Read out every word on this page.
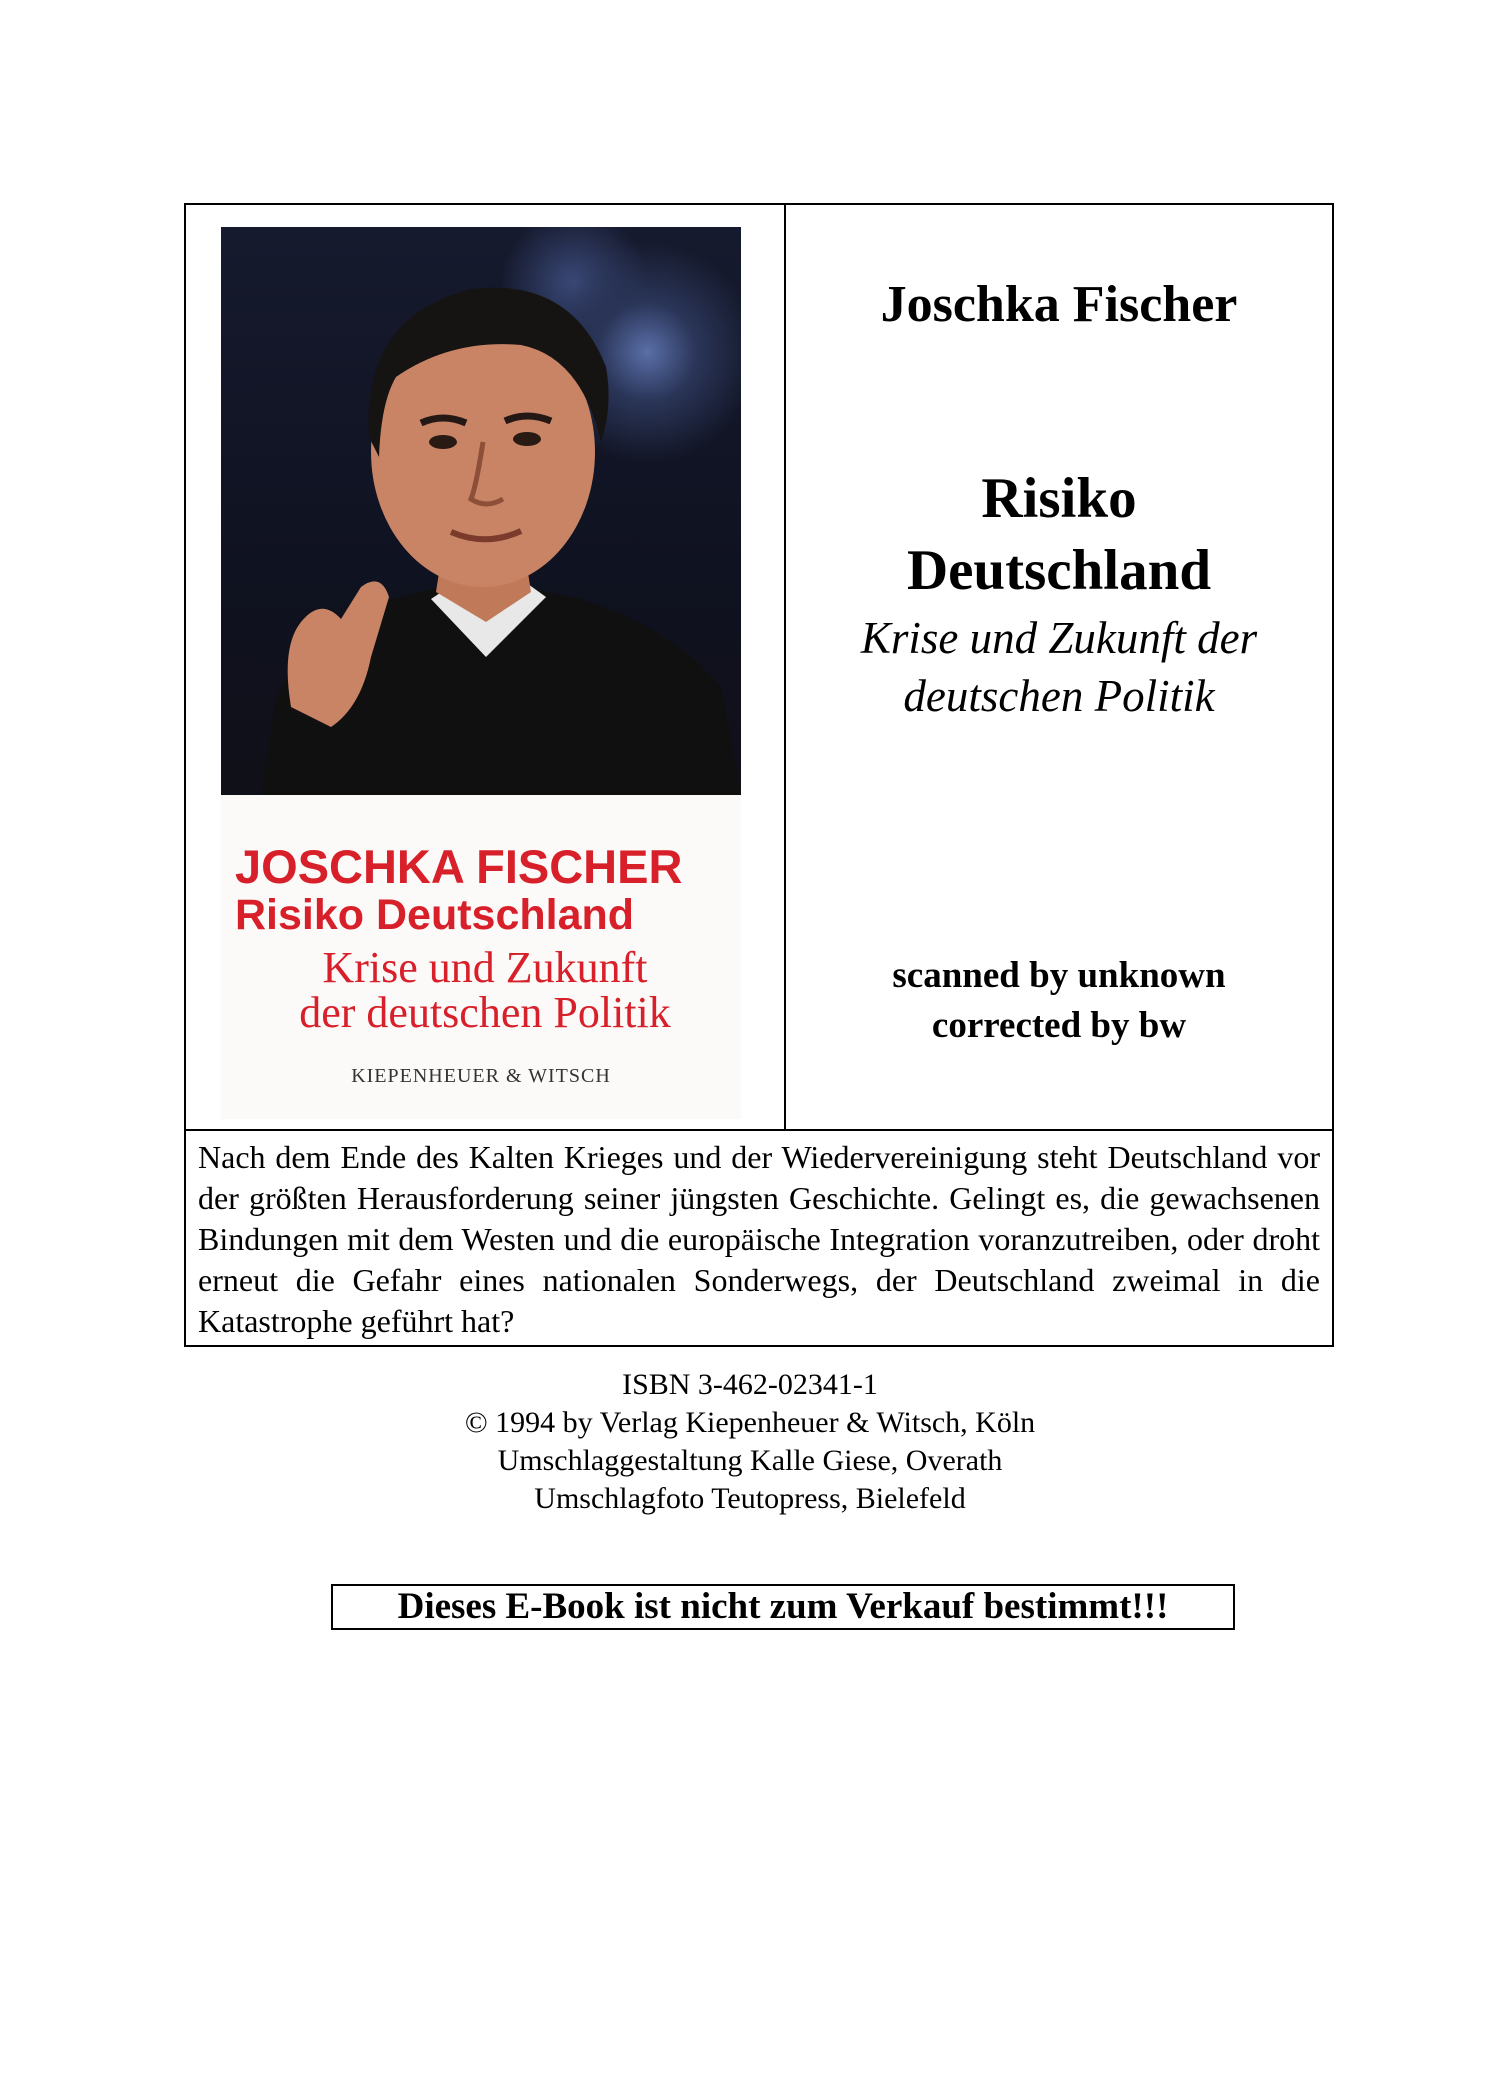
JOSCHKA FISCHER
Risiko Deutschland
Krise und Zukunft
der deutschen Politik
KIEPENHEUER & WITSCH
Joschka Fischer
Risiko
Deutschland
Krise und Zukunft der
deutschen Politik
scanned by unknown
corrected by bw
Nach dem Ende des Kalten Krieges und der Wiedervereinigung steht Deutschland vor der größten Herausforderung seiner jüngsten Geschichte. Gelingt es, die gewachsenen Bindungen mit dem Westen und die europäische Integration voranzutreiben, oder droht erneut die Gefahr eines nationalen Sonderwegs, der Deutschland zweimal in die Katastrophe geführt hat?
ISBN 3-462-02341-1
© 1994 by Verlag Kiepenheuer & Witsch, Köln
Umschlaggestaltung Kalle Giese, Overath
Umschlagfoto Teutopress, Bielefeld
Dieses E-Book ist nicht zum Verkauf bestimmt!!!
